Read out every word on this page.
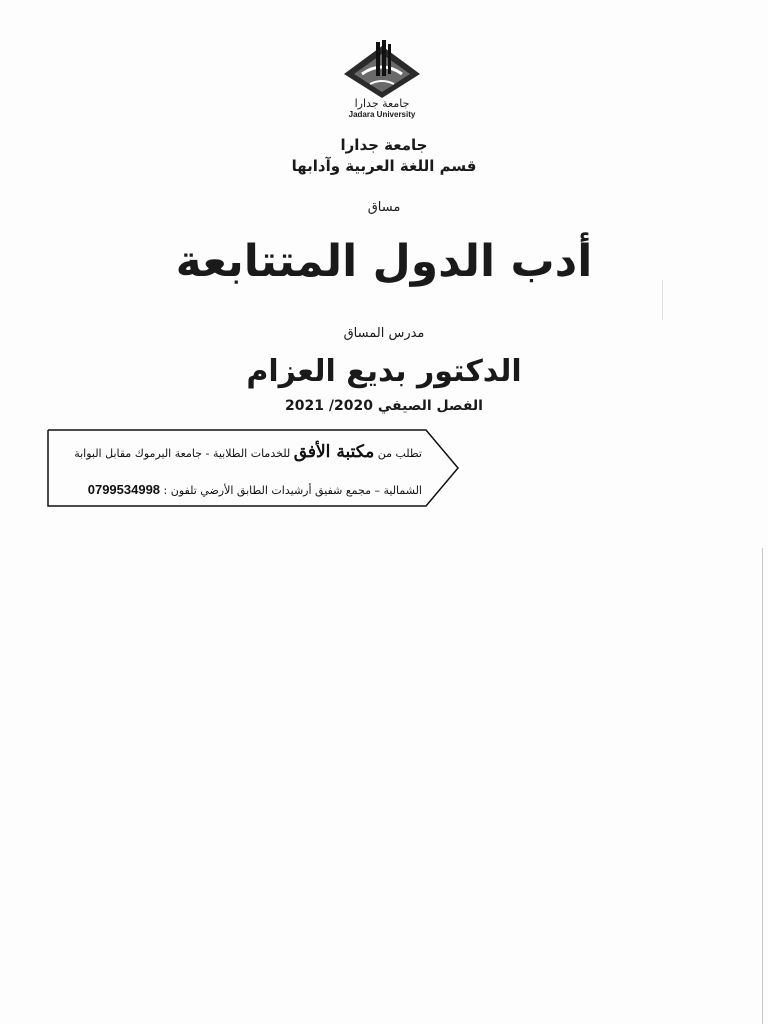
جامعة جدارا
Jadara University
جامعة جدارا
قسم اللغة العربية وآدابها
مساق
أدب الدول المتتابعة
مدرس المساق
الدكتور بديع العزام
الفصل الصيفي 2020/ 2021
تطلب من مكتبة الأفق للخدمات الطلابية - جامعة اليرموك مقابل البوابة
الشمالية – مجمع شفيق أرشيدات الطابق الأرضي تلفون : 0799534998
